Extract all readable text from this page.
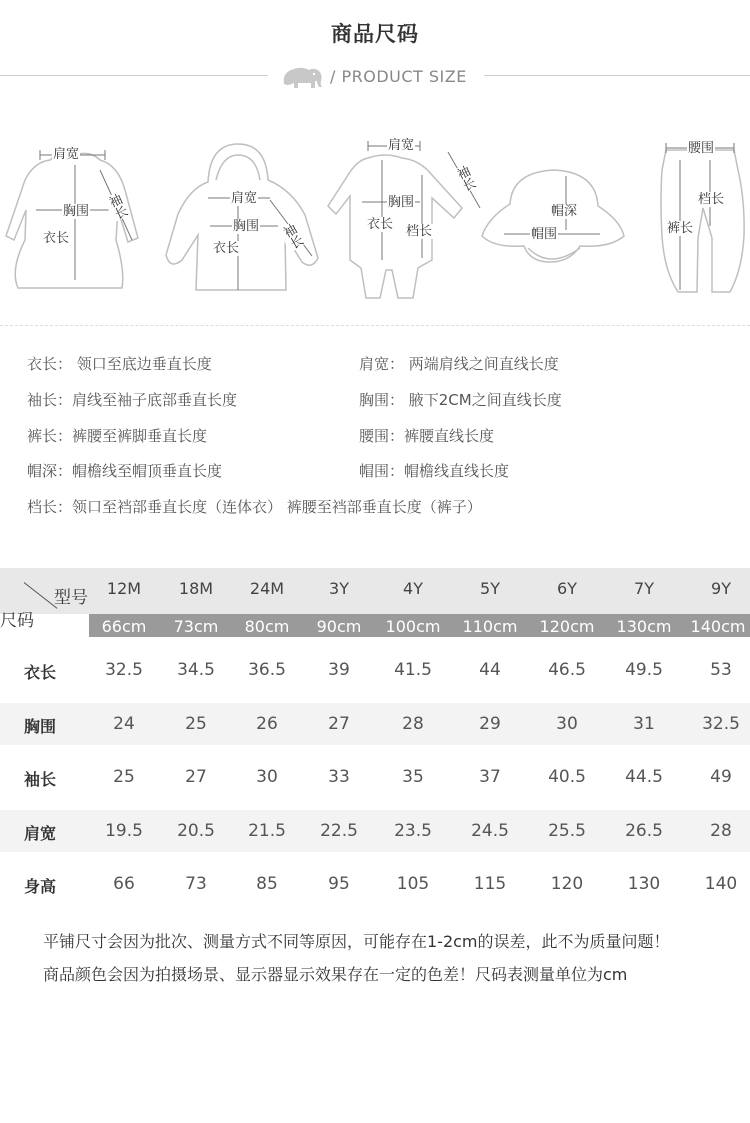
商品尺码
/ PRODUCT SIZE
肩宽
胸围
衣长
袖长	肩宽
胸围
衣长	袖长
肩宽
胸围
衣长 档长
袖长
帽深
帽围
腰围
档长
裤长
衣长： 领口至底边垂直长度	肩宽： 两端肩线之间直线长度
袖长：肩线至袖子底部垂直长度	胸围： 腋下2CM之间直线长度
裤长：裤腰至裤脚垂直长度	腰围：裤腰直线长度
帽深：帽檐线至帽顶垂直长度	帽围：帽檐线直线长度
档长：领口至裆部垂直长度（连体衣） 裤腰至裆部垂直长度（裤子）
12M	18M	24M	3Y	4Y	5Y	6Y	7Y	9Y
型号
尺码	66cm	73cm	80cm	90cm	100cm	110cm	120cm	130cm	140cm
衣长	32.5	34.5	36.5	39	41.5	44	46.5	49.5	53
胸围	24	25	26	27	28	29	30	31	32.5
袖长	25	27	30	33	35	37	40.5	44.5	49
肩宽	19.5	20.5	21.5	22.5	23.5	24.5	25.5	26.5	28
身高	66	73	85	95	105	115	120	130	140
平铺尺寸会因为批次、测量方式不同等原因，可能存在1-2cm的误差，此不为质量问题！
商品颜色会因为拍摄场景、显示器显示效果存在一定的色差！尺码表测量单位为cm
